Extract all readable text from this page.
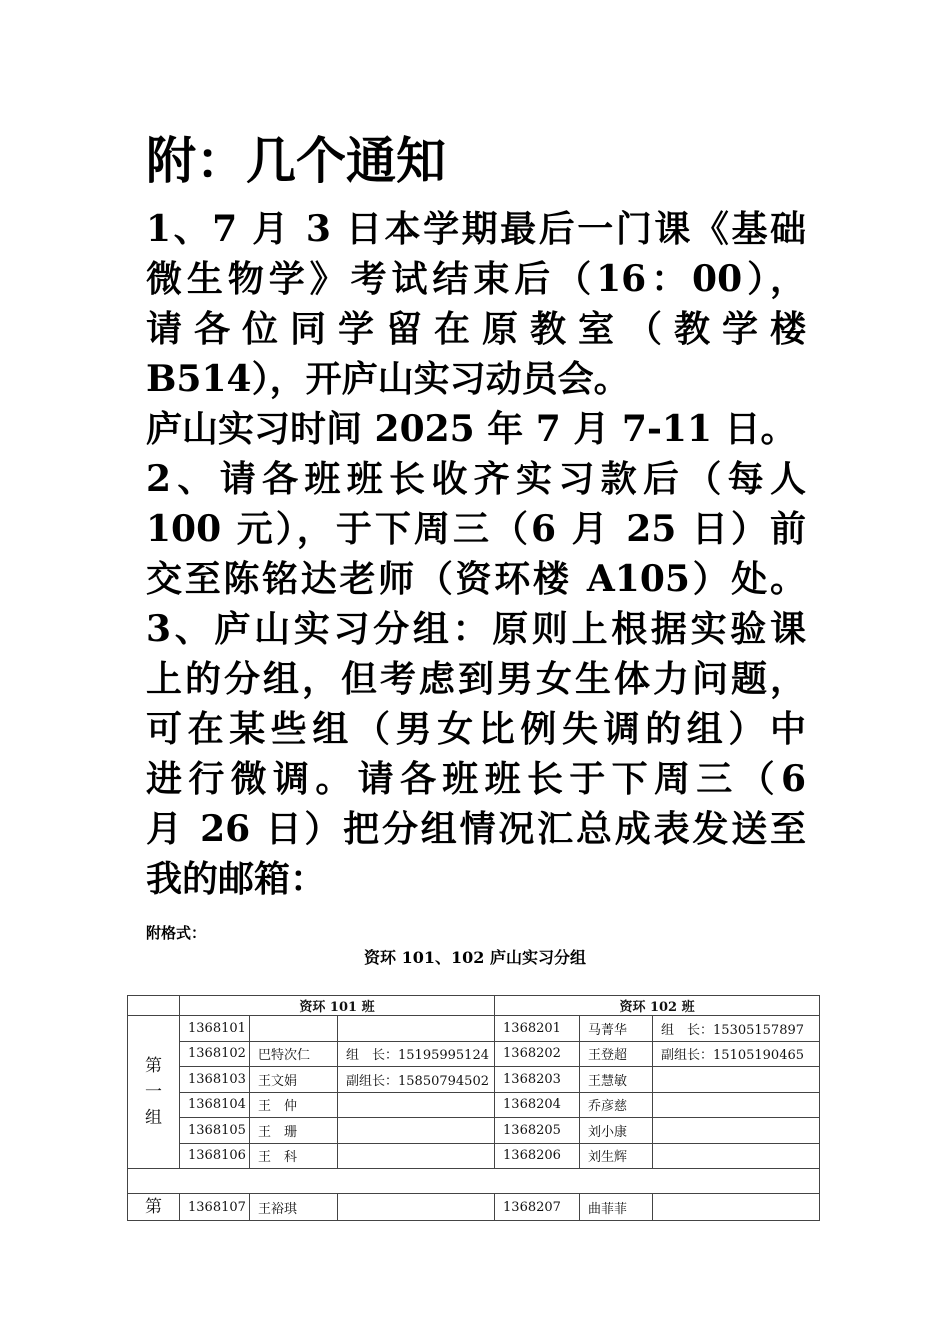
附：几个通知

1、7 月 3 日本学期最后一门课《基础

微生物学》考试结束后（16：00），

请各位同学留在原教室（教学楼

B514），开庐山实习动员会。

庐山实习时间 2025 年 7 月 7-11 日。

2、请各班班长收齐实习款后（每人

100 元），于下周三（6 月 25 日）前

交至陈铭达老师（资环楼 A105）处。

3、庐山实习分组：原则上根据实验课

上的分组，但考虑到男女生体力问题，

可在某些组（男女比例失调的组）中

进行微调。请各班班长于下周三（6

月 26 日）把分组情况汇总成表发送至

我的邮箱：

附格式：

资环 101、102 庐山实习分组

	资环 101 班			资环 102 班		
第
一
组	1368101			1368201	马菁华	组　长：15305157897
	1368102	巴特次仁	组　长：15195995124	1368202	王登超	副组长：15105190465
	1368103	王文娟	副组长：15850794502	1368203	王慧敏	
	1368104	王　仲		1368204	乔彦慈	
	1368105	王　珊		1368205	刘小康	
	1368106	王　科		1368206	刘生辉	

第	1368107	王裕琪		1368207	曲菲菲	
